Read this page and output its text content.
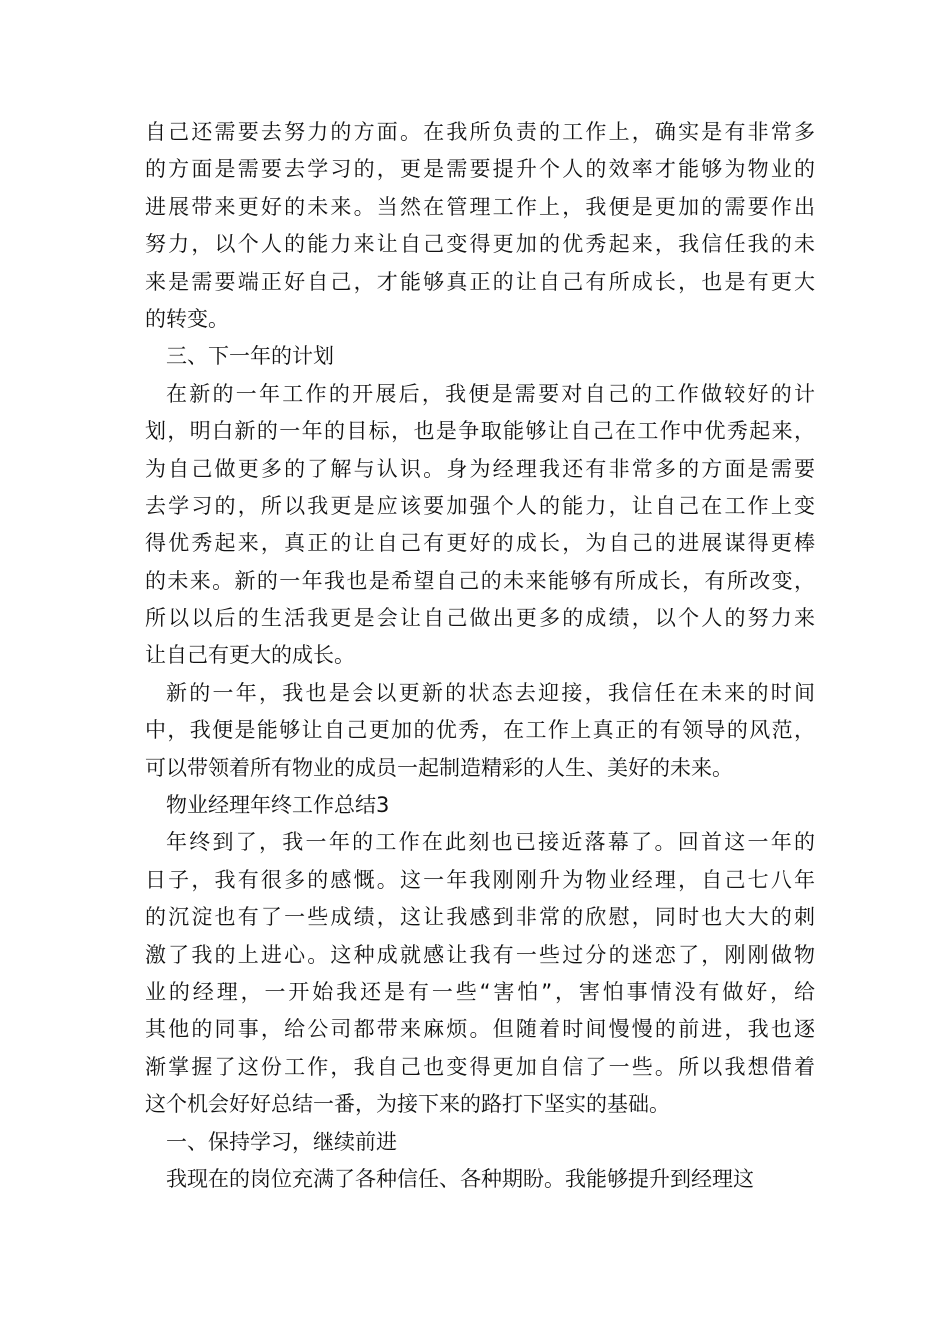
自己还需要去努力的方面。在我所负责的工作上，确实是有非常多
的方面是需要去学习的，更是需要提升个人的效率才能够为物业的
进展带来更好的未来。当然在管理工作上，我便是更加的需要作出
努力，以个人的能力来让自己变得更加的优秀起来，我信任我的未
来是需要端正好自己，才能够真正的让自己有所成长，也是有更大
的转变。
三、下一年的计划
在新的一年工作的开展后，我便是需要对自己的工作做较好的计
划，明白新的一年的目标，也是争取能够让自己在工作中优秀起来，
为自己做更多的了解与认识。身为经理我还有非常多的方面是需要
去学习的，所以我更是应该要加强个人的能力，让自己在工作上变
得优秀起来，真正的让自己有更好的成长，为自己的进展谋得更棒
的未来。新的一年我也是希望自己的未来能够有所成长，有所改变，
所以以后的生活我更是会让自己做出更多的成绩，以个人的努力来
让自己有更大的成长。
新的一年，我也是会以更新的状态去迎接，我信任在未来的时间
中，我便是能够让自己更加的优秀，在工作上真正的有领导的风范，
可以带领着所有物业的成员一起制造精彩的人生、美好的未来。
物业经理年终工作总结3
年终到了，我一年的工作在此刻也已接近落幕了。回首这一年的
日子，我有很多的感慨。这一年我刚刚升为物业经理，自己七八年
的沉淀也有了一些成绩，这让我感到非常的欣慰，同时也大大的刺
激了我的上进心。这种成就感让我有一些过分的迷恋了，刚刚做物
业的经理，一开始我还是有一些“害怕”，害怕事情没有做好，给
其他的同事，给公司都带来麻烦。但随着时间慢慢的前进，我也逐
渐掌握了这份工作，我自己也变得更加自信了一些。所以我想借着
这个机会好好总结一番，为接下来的路打下坚实的基础。
一、保持学习，继续前进
我现在的岗位充满了各种信任、各种期盼。我能够提升到经理这
